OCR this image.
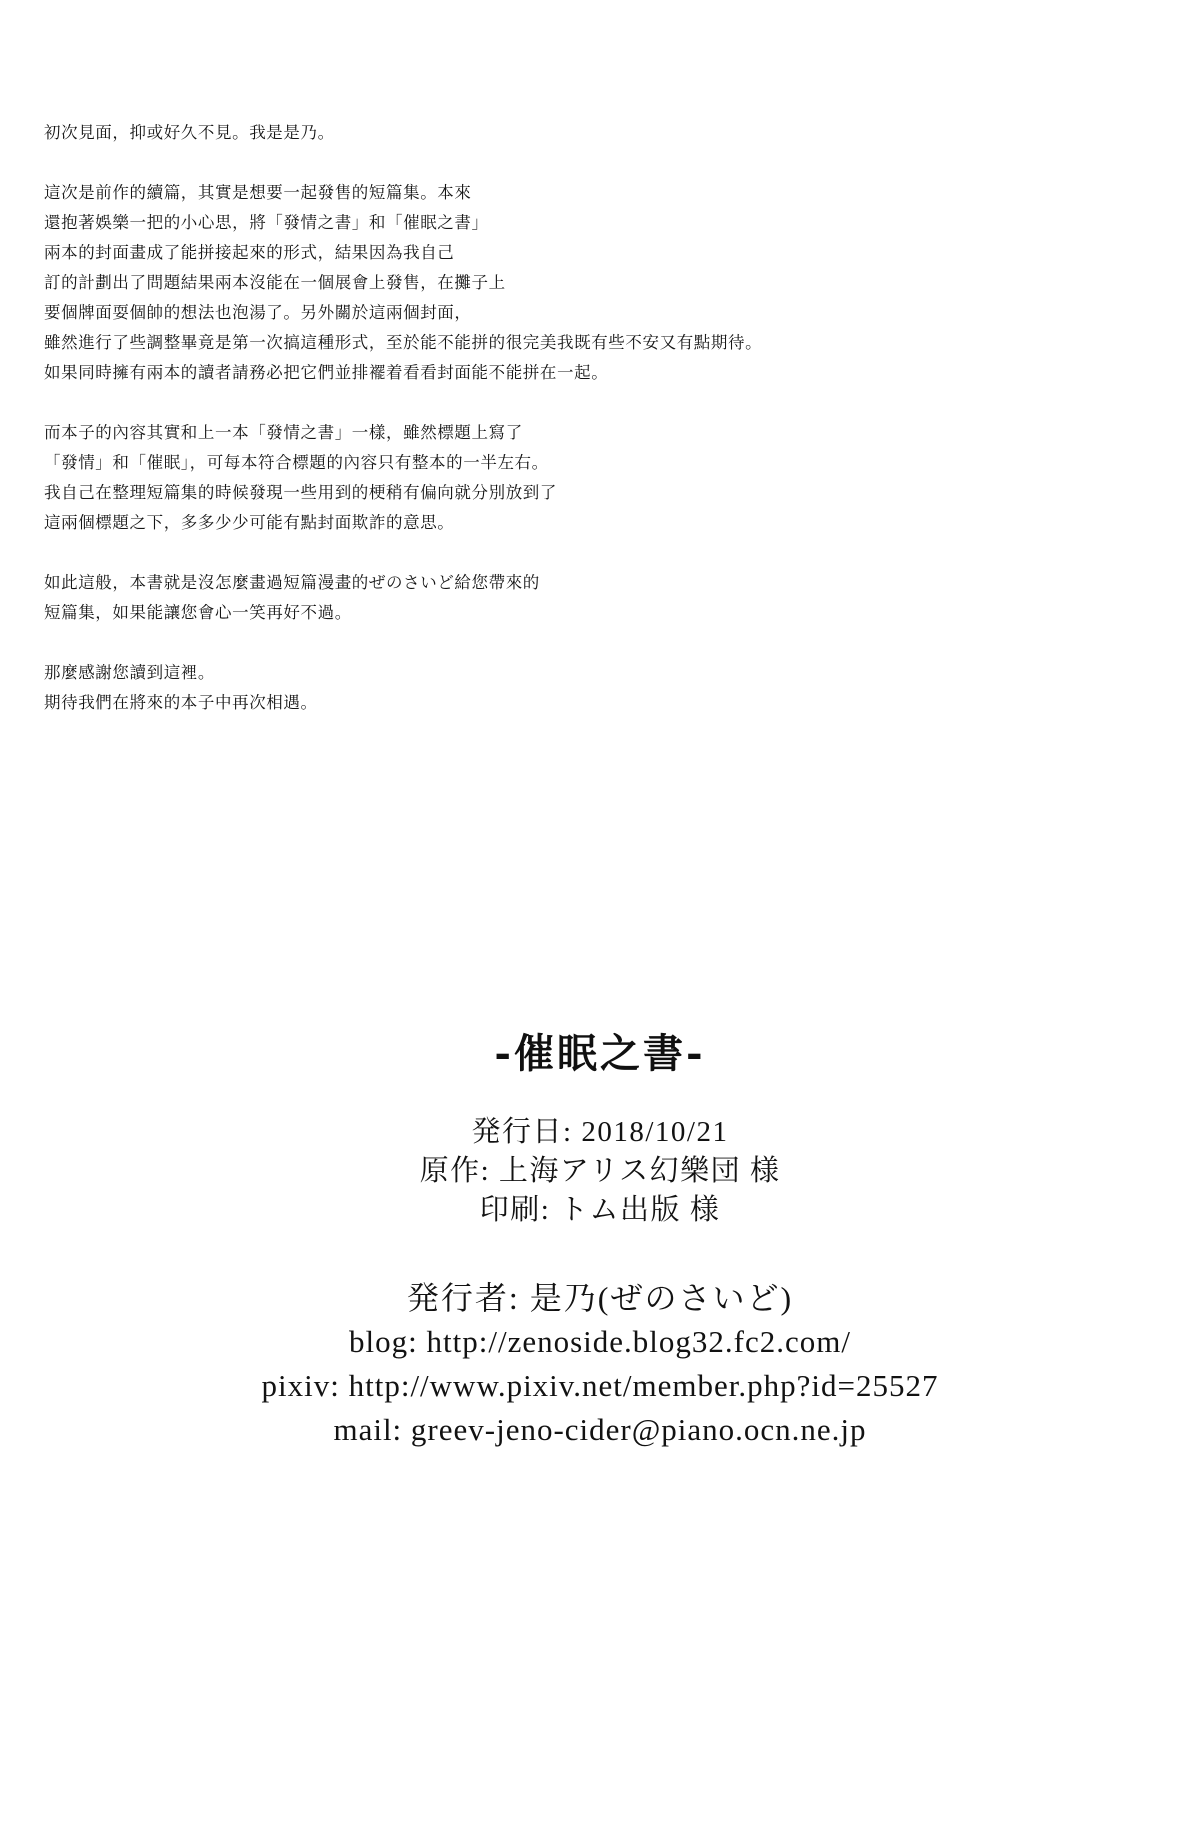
初次見面，抑或好久不見。我是是乃。
這次是前作的續篇，其實是想要一起發售的短篇集。本來
還抱著娛樂一把的小心思，將「發情之書」和「催眠之書」
兩本的封面畫成了能拼接起來的形式，結果因為我自己
訂的計劃出了問題結果兩本沒能在一個展會上發售，在攤子上
要個牌面耍個帥的想法也泡湯了。另外關於這兩個封面，
雖然進行了些調整畢竟是第一次搞這種形式，至於能不能拼的很完美我既有些不安又有點期待。
如果同時擁有兩本的讀者請務必把它們並排襬着看看封面能不能拼在一起。
而本子的內容其實和上一本「發情之書」一樣，雖然標題上寫了
「發情」和「催眠」，可每本符合標題的內容只有整本的一半左右。
我自己在整理短篇集的時候發現一些用到的梗稍有偏向就分別放到了
這兩個標題之下，多多少少可能有點封面欺詐的意思。
如此這般，本書就是沒怎麼畫過短篇漫畫的ぜのさいど給您帶來的
短篇集，如果能讓您會心一笑再好不過。
那麼感謝您讀到這裡。
期待我們在將來的本子中再次相遇。
-催眠之書-
発行日: 2018/10/21
原作: 上海アリス幻樂団 様
印刷: トム出版 様
発行者: 是乃(ぜのさいど)
blog: http://zenoside.blog32.fc2.com/
pixiv: http://www.pixiv.net/member.php?id=25527
mail: greev-jeno-cider@piano.ocn.ne.jp
